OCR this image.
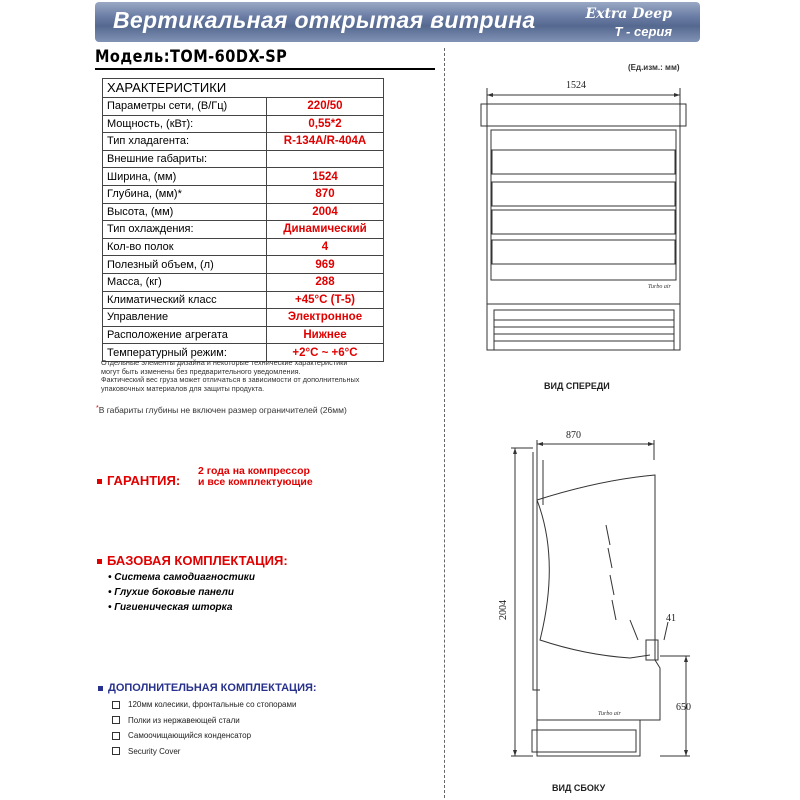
Вертикальная открытая витрина	Extra Deep
T - серия
Модель:TOM-60DX-SP
ХАРАКТЕРИСТИКИ	
Параметры сети, (В/Гц)	220/50
Мощность, (кВт):	0,55*2
Тип хладагента:	R-134A/R-404A
Внешние габариты:	
Ширина, (мм)	1524
Глубина, (мм)*	870
Высота, (мм)	2004
Тип охлаждения:	Динамический
Кол-во полок	4
Полезный объем, (л)	969
Масса, (кг)	288
Климатический класс	+45°C (T-5)
Управление	Электронное
Расположение агрегата	Нижнее
Температурный режим:	+2°C ~ +6°C
Отдельные элементы дизайна и некоторые технические характеристики
могут быть изменены без предварительного уведомления.
Фактический вес груза может отличаться в зависимости от дополнительных
упаковочных материалов для защиты продукта.
*В габариты глубины не включен размер ограничителей (26мм)
ГАРАНТИЯ:
2 года на компрессор
и все комплектующие
БАЗОВАЯ КОМПЛЕКТАЦИЯ:
• Система самодиагностики
• Глухие боковые панели
• Гигиеническая шторка
ДОПОЛНИТЕЛЬНАЯ КОМПЛЕКТАЦИЯ:
120мм колесики, фронтальные со стопорами
Полки из нержавеющей стали
Самоочищающийся конденсатор
Security Cover
(Ед.изм.: мм)
1524
ВИД СПЕРЕДИ
870
2004	41
650
ВИД СБОКУ
Turbo air
Turbo air
